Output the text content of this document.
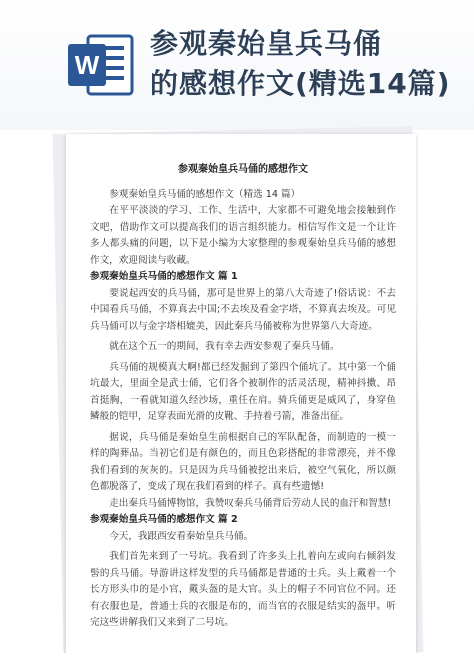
W
参观秦始皇兵马俑
的感想作文(精选14篇)
参观秦始皇兵马俑的感想作文
参观秦始皇兵马俑的感想作文（精选 14 篇）
在平平淡淡的学习、工作、生活中，大家都不可避免地会接触到作文吧，借助作文可以提高我们的语言组织能力。相信写作文是一个让许多人都头痛的问题，以下是小编为大家整理的参观秦始皇兵马俑的感想作文，欢迎阅读与收藏。
参观秦始皇兵马俑的感想作文 篇 1
要说起西安的兵马俑，那可是世界上的第八大奇迹了!俗话说：不去中国看兵马俑，不算真去中国;不去埃及看金字塔，不算真去埃及。可见兵马俑可以与金字塔相媲美，因此秦兵马俑被称为世界第八大奇迹。
就在这个五一的期间，我有幸去西安参观了秦兵马俑。
兵马俑的规模真大啊!都已经发掘到了第四个俑坑了。其中第一个俑坑最大，里面全是武士俑，它们各个被制作的活灵活现，精神抖擞、昂首挺胸，一看就知道久经沙场，重任在肩。骑兵俑更是威风了，身穿鱼鳞般的铠甲，足穿表面光滑的皮靴、手持着弓箭，准备出征。
据说，兵马俑是秦始皇生前根据自己的军队配备，而制造的一模一样的陶葬品。当初它们是有颜色的，而且色彩搭配的非常漂亮，并不像我们看到的灰灰的。只是因为兵马俑被挖出来后，被空气氧化，所以颜色都脱落了，变成了现在我们看到的样子。真有些遗憾!
走出秦兵马俑博物馆，我赞叹秦兵马俑背后劳动人民的血汗和智慧!
参观秦始皇兵马俑的感想作文 篇 2
今天，我跟西安看秦始皇兵马俑。
我们首先来到了一号坑。我看到了许多头上扎着向左或向右倾斜发髻的兵马俑。导游讲这样发型的兵马俑都是普通的士兵。头上戴着一个长方形头巾的是小官，戴头盔的是大官。头上的帽子不同官位不同。还有衣服也是，普通士兵的衣服是布的，而当官的衣服是结实的盔甲。听完这些讲解我们又来到了二号坑。
